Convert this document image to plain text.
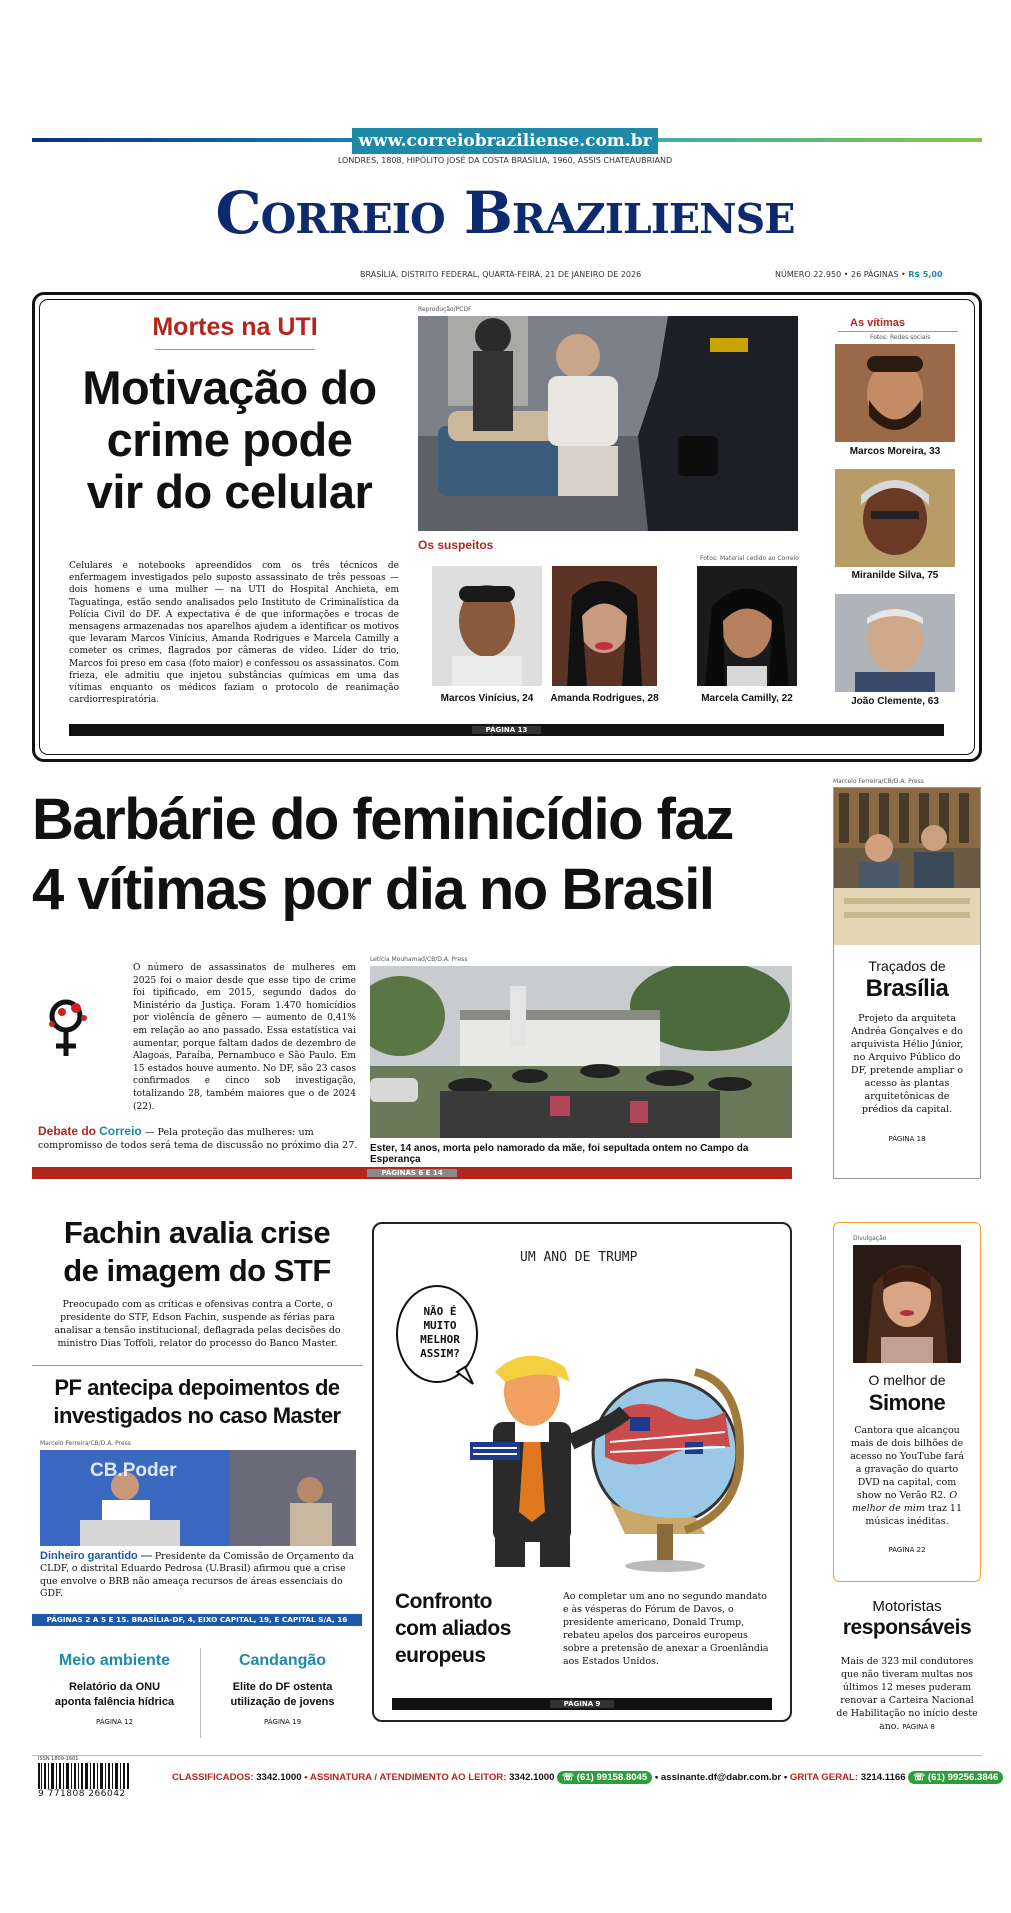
www.correiobraziliense.com.br
LONDRES, 1808, HIPÓLITO JOSÉ DA COSTA BRASÍLIA, 1960, ASSIS CHATEAUBRIAND
Correio Braziliense
BRASÍLIA, DISTRITO FEDERAL, QUARTA-FEIRA, 21 DE JANEIRO DE 2026	NÚMERO 22.950 • 26 PÁGINAS • R$ 5,00
Mortes na UTI
Motivação do
crime pode
vir do celular
Celulares e notebooks apreendidos com os três técnicos de enfermagem investigados pelo suposto assassinato de três pessoas — dois homens e uma mulher — na UTI do Hospital Anchieta, em Taguatinga, estão sendo analisados pelo Instituto de Criminalística da Polícia Civil do DF. A expectativa é de que informações e trocas de mensagens armazenadas nos aparelhos ajudem a identificar os motivos que levaram Marcos Vinícius, Amanda Rodrigues e Marcela Camilly a cometer os crimes, flagrados por câmeras de vídeo. Líder do trio, Marcos foi preso em casa (foto maior) e confessou os assassinatos. Com frieza, ele admitiu que injetou substâncias químicas em uma das vítimas enquanto os médicos faziam o protocolo de reanimação cardiorrespiratória.
Reprodução/PCDF
Os suspeitos
Fotos: Material cedido ao Correio
Marcos Vinícius, 24	Amanda Rodrigues, 28	Marcela Camilly, 22
As vítimas
Fotos: Redes sociais
Marcos Moreira, 33
Miranilde Silva, 75
João Clemente, 63
PÁGINA 13
Barbárie do feminicídio faz
4 vítimas por dia no Brasil
O número de assassinatos de mulheres em 2025 foi o maior desde que esse tipo de crime foi tipificado, em 2015, segundo dados do Ministério da Justiça. Foram 1.470 homicídios por violência de gênero — aumento de 0,41% em relação ao ano passado. Essa estatística vai aumentar, porque faltam dados de dezembro de Alagoas, Paraíba, Pernambuco e São Paulo. Em 15 estados houve aumento. No DF, são 23 casos confirmados e cinco sob investigação, totalizando 28, também maiores que o de 2024 (22).
Debate do Correio — Pela proteção das mulheres: um compromisso de todos será tema de discussão no próximo dia 27.
Letícia Mouhamad/CB/D.A. Press
Ester, 14 anos, morta pelo namorado da mãe, foi sepultada ontem no Campo da Esperança
PÁGINAS 6 E 14
Marcelo Ferreira/CB/D.A. Press
Traçados de
Brasília
Projeto da arquiteta Andréa Gonçalves e do arquivista Hélio Júnior, no Arquivo Público do DF, pretende ampliar o acesso às plantas arquitetônicas de prédios da capital.
PÁGINA 18
Fachin avalia crise
de imagem do STF
Preocupado com as críticas e ofensivas contra a Corte, o presidente do STF, Edson Fachin, suspende as férias para analisar a tensão institucional, deflagrada pelas decisões do ministro Dias Toffoli, relator do processo do Banco Master.
PF antecipa depoimentos de
investigados no caso Master
Marcelo Ferreira/CB/D.A. Press
CB.Poder
Dinheiro garantido — Presidente da Comissão de Orçamento da CLDF, o distrital Eduardo Pedrosa (U.Brasil) afirmou que a crise que envolve o BRB não ameaça recursos de áreas essenciais do GDF.
PÁGINAS 2 A 5 E 15. BRASÍLIA-DF, 4, EIXO CAPITAL, 19, E CAPITAL S/A, 16
Meio ambiente
Relatório da ONU
aponta falência hídrica
PÁGINA 12
Candangão
Elite do DF ostenta
utilização de jovens
PÁGINA 19
UM ANO DE TRUMP
NÃO É
MUITO
MELHOR
ASSIM?
Confronto
com aliados
europeus
Ao completar um ano no segundo mandato e às vésperas do Fórum de Davos, o presidente americano, Donald Trump, rebateu apelos dos parceiros europeus sobre a pretensão de anexar a Groenlândia aos Estados Unidos.
PÁGINA 9
Divulgação
O melhor de
Simone
Cantora que alcançou mais de dois bilhões de acesso no YouTube fará a gravação do quarto DVD na capital, com show no Verão R2. O melhor de mim traz 11 músicas inéditas.
PÁGINA 22
Motoristas
responsáveis
Mais de 323 mil condutores que não tiveram multas nos últimos 12 meses puderam renovar a Carteira Nacional de Habilitação no início deste ano. PÁGINA 8
ISSN 1809-1601
9 771808 266042
CLASSIFICADOS: 3342.1000 • ASSINATURA / ATENDIMENTO AO LEITOR: 3342.1000 ☏ (61) 99158.8045 • assinante.df@dabr.com.br • GRITA GERAL: 3214.1166 ☏ (61) 99256.3846
